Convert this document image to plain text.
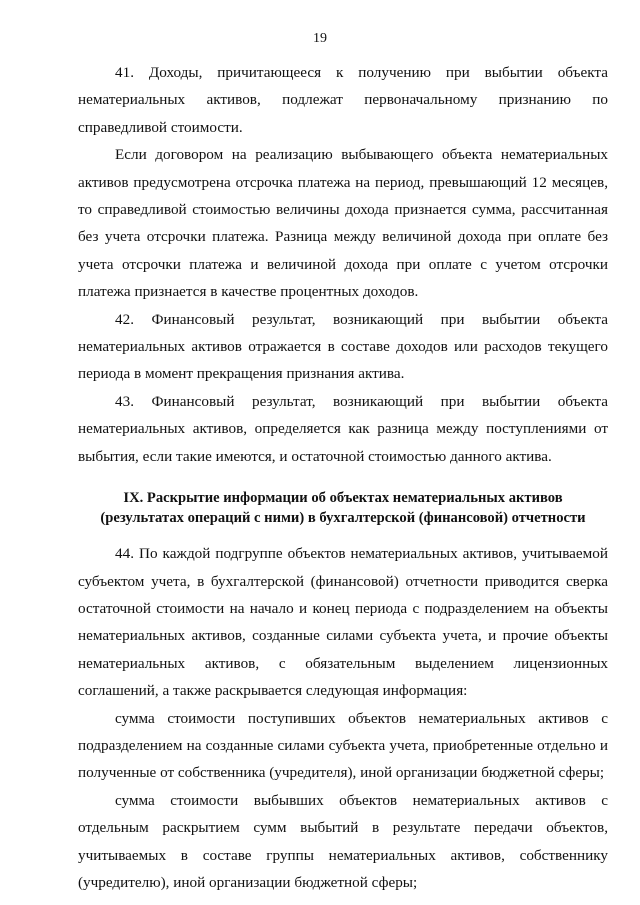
19

41. Доходы, причитающееся к получению при выбытии объекта нематериальных активов, подлежат первоначальному признанию по справедливой стоимости.

Если договором на реализацию выбывающего объекта нематериальных активов предусмотрена отсрочка платежа на период, превышающий 12 месяцев, то справедливой стоимостью величины дохода признается сумма, рассчитанная без учета отсрочки платежа. Разница между величиной дохода при оплате без учета отсрочки платежа и величиной дохода при оплате с учетом отсрочки платежа признается в качестве процентных доходов.

42. Финансовый результат, возникающий при выбытии объекта нематериальных активов отражается в составе доходов или расходов текущего периода в момент прекращения признания актива.

43. Финансовый результат, возникающий при выбытии объекта нематериальных активов, определяется как разница между поступлениями от выбытия, если такие имеются, и остаточной стоимостью данного актива.

IX. Раскрытие информации об объектах нематериальных активов
(результатах операций с ними) в бухгалтерской (финансовой) отчетности

44. По каждой подгруппе объектов нематериальных активов, учитываемой субъектом учета, в бухгалтерской (финансовой) отчетности приводится сверка остаточной стоимости на начало и конец периода с подразделением на объекты нематериальных активов, созданные силами субъекта учета, и прочие объекты нематериальных активов, с обязательным выделением лицензионных соглашений, а также раскрывается следующая информация:

сумма стоимости поступивших объектов нематериальных активов с подразделением на созданные силами субъекта учета, приобретенные отдельно и полученные от собственника (учредителя), иной организации бюджетной сферы;

сумма стоимости выбывших объектов нематериальных активов с отдельным раскрытием сумм выбытий в результате передачи объектов, учитываемых в составе группы нематериальных активов, собственнику (учредителю), иной организации бюджетной сферы;
